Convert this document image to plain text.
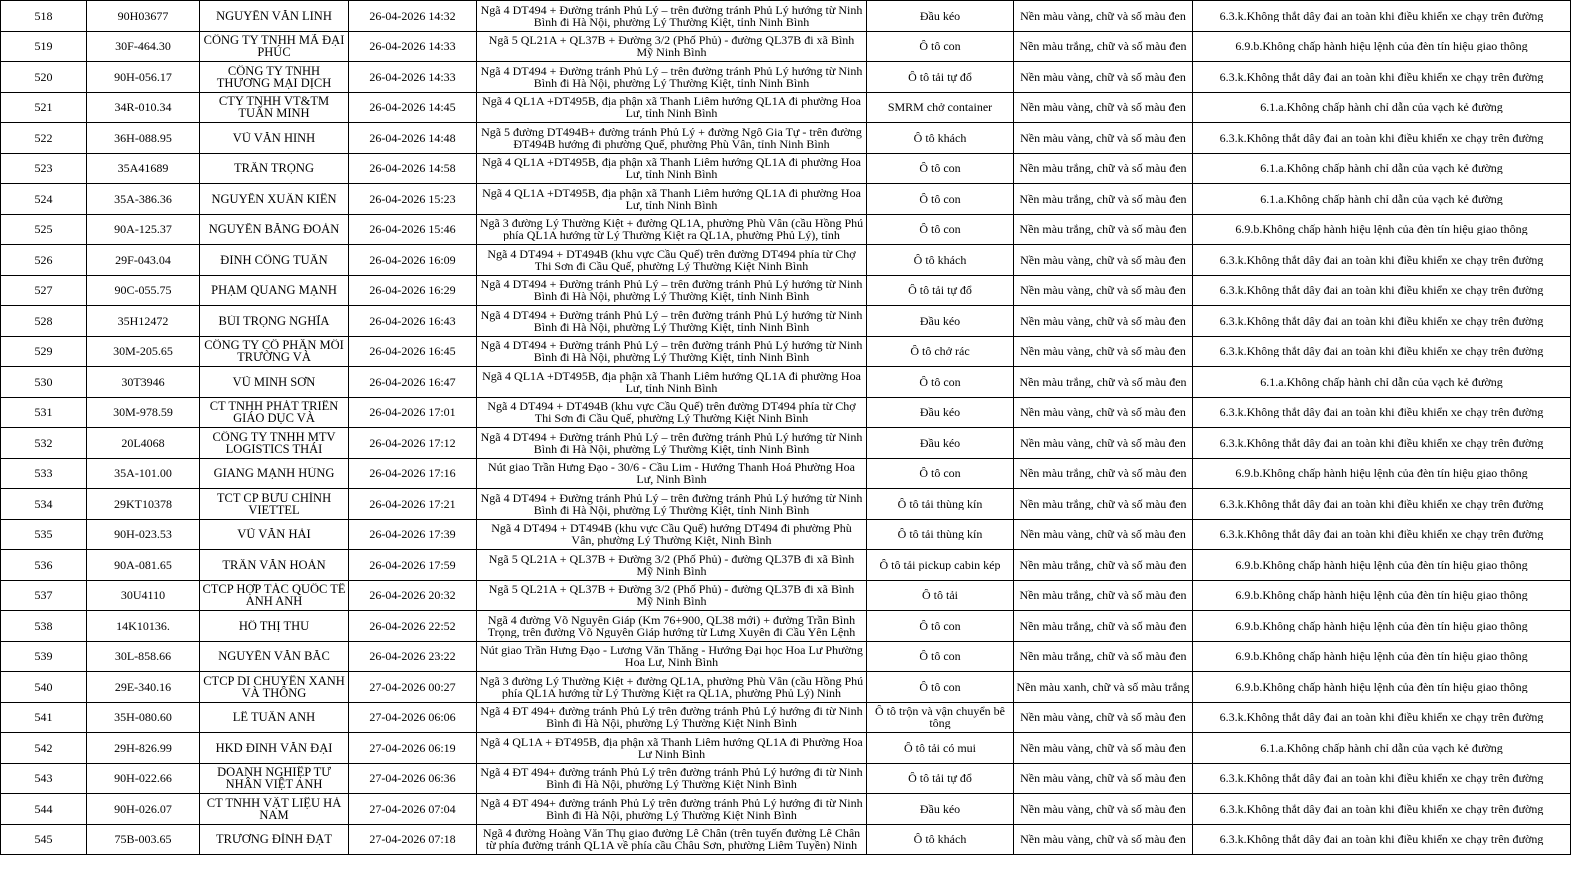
518	90H03677	NGUYỄN VĂN LINH	26-04-2026 14:32	Ngã 4 DT494 + Đường tránh Phủ Lý – trên đường tránh Phủ Lý hướng từ Ninh Bình đi Hà Nội, phường Lý Thường Kiệt, tỉnh Ninh Bình	Đầu kéo	Nền màu vàng, chữ và số màu đen	6.3.k.Không thắt dây đai an toàn khi điều khiển xe chạy trên đường

519	30F-464.30	CÔNG TY TNHH MÃ ĐẠI PHÚC	26-04-2026 14:33	Ngã 5 QL21A + QL37B + Đường 3/2 (Phố Phủ) - đường QL37B đi xã Bình Mỹ Ninh Bình	Ô tô con	Nền màu trắng, chữ và số màu đen	6.9.b.Không chấp hành hiệu lệnh của đèn tín hiệu giao thông

520	90H-056.17	CÔNG TY TNHH THƯƠNG MẠI DỊCH	26-04-2026 14:33	Ngã 4 DT494 + Đường tránh Phủ Lý – trên đường tránh Phủ Lý hướng từ Ninh Bình đi Hà Nội, phường Lý Thường Kiệt, tỉnh Ninh Bình	Ô tô tải tự đổ	Nền màu vàng, chữ và số màu đen	6.3.k.Không thắt dây đai an toàn khi điều khiển xe chạy trên đường

521	34R-010.34	CTY TNHH VT&TM TUẤN MINH	26-04-2026 14:45	Ngã 4 QL1A +DT495B, địa phận xã Thanh Liêm hướng QL1A đi phường Hoa Lư, tỉnh Ninh Bình	SMRM chở container	Nền màu vàng, chữ và số màu đen	6.1.a.Không chấp hành chỉ dẫn của vạch kẻ đường

522	36H-088.95	VŨ VĂN HINH	26-04-2026 14:48	Ngã 5 đường DT494B+ đường tránh Phủ Lý + đường Ngô Gia Tự - trên đường ĐT494B hướng đi phường Quế, phường Phù Vân, tỉnh Ninh Bình	Ô tô khách	Nền màu vàng, chữ và số màu đen	6.3.k.Không thắt dây đai an toàn khi điều khiển xe chạy trên đường

523	35A41689	TRẦN TRỌNG	26-04-2026 14:58	Ngã 4 QL1A +DT495B, địa phận xã Thanh Liêm hướng QL1A đi phường Hoa Lư, tỉnh Ninh Bình	Ô tô con	Nền màu trắng, chữ và số màu đen	6.1.a.Không chấp hành chỉ dẫn của vạch kẻ đường

524	35A-386.36	NGUYỄN XUÂN KIÊN	26-04-2026 15:23	Ngã 4 QL1A +DT495B, địa phận xã Thanh Liêm hướng QL1A đi phường Hoa Lư, tỉnh Ninh Bình	Ô tô con	Nền màu trắng, chữ và số màu đen	6.1.a.Không chấp hành chỉ dẫn của vạch kẻ đường

525	90A-125.37	NGUYỄN BẰNG ĐOÀN	26-04-2026 15:46	Ngã 3 đường Lý Thường Kiệt + đường QL1A, phường Phù Vân (cầu Hồng Phú phía QL1A hướng từ Lý Thường Kiệt ra QL1A, phường Phủ Lý), tỉnh	Ô tô con	Nền màu trắng, chữ và số màu đen	6.9.b.Không chấp hành hiệu lệnh của đèn tín hiệu giao thông

526	29F-043.04	ĐINH CÔNG TUẤN	26-04-2026 16:09	Ngã 4 DT494 + DT494B (khu vực Cầu Quế) trên đường DT494 phía từ Chợ Thi Sơn đi Cầu Quế, phường Lý Thường Kiệt Ninh Bình	Ô tô khách	Nền màu vàng, chữ và số màu đen	6.3.k.Không thắt dây đai an toàn khi điều khiển xe chạy trên đường

527	90C-055.75	PHẠM QUANG MẠNH	26-04-2026 16:29	Ngã 4 DT494 + Đường tránh Phủ Lý – trên đường tránh Phủ Lý hướng từ Ninh Bình đi Hà Nội, phường Lý Thường Kiệt, tỉnh Ninh Bình	Ô tô tải tự đổ	Nền màu vàng, chữ và số màu đen	6.3.k.Không thắt dây đai an toàn khi điều khiển xe chạy trên đường

528	35H12472	BÙI TRỌNG NGHĨA	26-04-2026 16:43	Ngã 4 DT494 + Đường tránh Phủ Lý – trên đường tránh Phủ Lý hướng từ Ninh Bình đi Hà Nội, phường Lý Thường Kiệt, tỉnh Ninh Bình	Đầu kéo	Nền màu vàng, chữ và số màu đen	6.3.k.Không thắt dây đai an toàn khi điều khiển xe chạy trên đường

529	30M-205.65	CÔNG TY CỔ PHẦN MÔI TRƯỜNG VÀ	26-04-2026 16:45	Ngã 4 DT494 + Đường tránh Phủ Lý – trên đường tránh Phủ Lý hướng từ Ninh Bình đi Hà Nội, phường Lý Thường Kiệt, tỉnh Ninh Bình	Ô tô chở rác	Nền màu vàng, chữ và số màu đen	6.3.k.Không thắt dây đai an toàn khi điều khiển xe chạy trên đường

530	30T3946	VŨ MINH SƠN	26-04-2026 16:47	Ngã 4 QL1A +DT495B, địa phận xã Thanh Liêm hướng QL1A đi phường Hoa Lư, tỉnh Ninh Bình	Ô tô con	Nền màu trắng, chữ và số màu đen	6.1.a.Không chấp hành chỉ dẫn của vạch kẻ đường

531	30M-978.59	CT TNHH PHÁT TRIỂN GIÁO DỤC VÀ	26-04-2026 17:01	Ngã 4 DT494 + DT494B (khu vực Cầu Quế) trên đường DT494 phía từ Chợ Thi Sơn đi Cầu Quế, phường Lý Thường Kiệt Ninh Bình	Đầu kéo	Nền màu vàng, chữ và số màu đen	6.3.k.Không thắt dây đai an toàn khi điều khiển xe chạy trên đường

532	20L4068	CÔNG TY TNHH MTV LOGISTICS THÁI	26-04-2026 17:12	Ngã 4 DT494 + Đường tránh Phủ Lý – trên đường tránh Phủ Lý hướng từ Ninh Bình đi Hà Nội, phường Lý Thường Kiệt, tỉnh Ninh Bình	Đầu kéo	Nền màu vàng, chữ và số màu đen	6.3.k.Không thắt dây đai an toàn khi điều khiển xe chạy trên đường

533	35A-101.00	GIANG MẠNH HÙNG	26-04-2026 17:16	Nút giao Trần Hưng Đạo - 30/6 - Cầu Lim - Hướng Thanh Hoá Phường Hoa Lư, Ninh Bình	Ô tô con	Nền màu trắng, chữ và số màu đen	6.9.b.Không chấp hành hiệu lệnh của đèn tín hiệu giao thông

534	29KT10378	TCT CP BƯU CHÍNH VIETTEL	26-04-2026 17:21	Ngã 4 DT494 + Đường tránh Phủ Lý – trên đường tránh Phủ Lý hướng từ Ninh Bình đi Hà Nội, phường Lý Thường Kiệt, tỉnh Ninh Bình	Ô tô tải thùng kín	Nền màu trắng, chữ và số màu đen	6.3.k.Không thắt dây đai an toàn khi điều khiển xe chạy trên đường

535	90H-023.53	VŨ VĂN HẢI	26-04-2026 17:39	Ngã 4 DT494 + DT494B (khu vực Cầu Quế) hướng DT494 đi phường Phù Vân, phường Lý Thường Kiệt, Ninh Bình	Ô tô tải thùng kín	Nền màu vàng, chữ và số màu đen	6.3.k.Không thắt dây đai an toàn khi điều khiển xe chạy trên đường

536	90A-081.65	TRẦN VĂN HOÀN	26-04-2026 17:59	Ngã 5 QL21A + QL37B + Đường 3/2 (Phố Phủ) - đường QL37B đi xã Bình Mỹ Ninh Bình	Ô tô tải pickup cabin kép	Nền màu trắng, chữ và số màu đen	6.9.b.Không chấp hành hiệu lệnh của đèn tín hiệu giao thông

537	30U4110	CTCP HỢP TÁC QUỐC TẾ ANH ANH	26-04-2026 20:32	Ngã 5 QL21A + QL37B + Đường 3/2 (Phố Phủ) - đường QL37B đi xã Bình Mỹ Ninh Bình	Ô tô tải	Nền màu trắng, chữ và số màu đen	6.9.b.Không chấp hành hiệu lệnh của đèn tín hiệu giao thông

538	14K10136.	HỒ THỊ THU	26-04-2026 22:52	Ngã 4 đường Võ Nguyên Giáp (Km 76+900, QL38 mới) + đường Trần Bình Trọng, trên đường Võ Nguyên Giáp hướng từ Lưng Xuyên đi Cầu Yên Lệnh	Ô tô con	Nền màu trắng, chữ và số màu đen	6.9.b.Không chấp hành hiệu lệnh của đèn tín hiệu giao thông

539	30L-858.66	NGUYỄN VĂN BẮC	26-04-2026 23:22	Nút giao Trần Hưng Đạo - Lương Văn Thăng - Hướng Đại học Hoa Lư Phường Hoa Lư, Ninh Bình	Ô tô con	Nền màu trắng, chữ và số màu đen	6.9.b.Không chấp hành hiệu lệnh của đèn tín hiệu giao thông

540	29E-340.16	CTCP DI CHUYỂN XANH VÀ THÔNG	27-04-2026 00:27	Ngã 3 đường Lý Thường Kiệt + đường QL1A, phường Phù Vân (cầu Hồng Phú phía QL1A hướng từ Lý Thường Kiệt ra QL1A, phường Phủ Lý) Ninh	Ô tô con	Nền màu xanh, chữ và số màu trắng	6.9.b.Không chấp hành hiệu lệnh của đèn tín hiệu giao thông

541	35H-080.60	LÊ TUẤN ANH	27-04-2026 06:06	Ngã 4 ĐT 494+ đường tránh Phủ Lý trên đường tránh Phủ Lý hướng đi từ Ninh Bình đi Hà Nội, phường Lý Thường Kiệt Ninh Bình	Ô tô trộn và vận chuyển bê tông	Nền màu vàng, chữ và số màu đen	6.3.k.Không thắt dây đai an toàn khi điều khiển xe chạy trên đường

542	29H-826.99	HKD ĐINH VĂN ĐẠI	27-04-2026 06:19	Ngã 4 QL1A + ĐT495B, địa phận xã Thanh Liêm hướng QL1A đi Phường Hoa Lư Ninh Bình	Ô tô tải có mui	Nền màu vàng, chữ và số màu đen	6.1.a.Không chấp hành chỉ dẫn của vạch kẻ đường

543	90H-022.66	DOANH NGHIỆP TƯ NHÂN VIỆT ANH	27-04-2026 06:36	Ngã 4 ĐT 494+ đường tránh Phủ Lý trên đường tránh Phủ Lý hướng đi từ Ninh Bình đi Hà Nội, phường Lý Thường Kiệt Ninh Bình	Ô tô tải tự đổ	Nền màu vàng, chữ và số màu đen	6.3.k.Không thắt dây đai an toàn khi điều khiển xe chạy trên đường

544	90H-026.07	CT TNHH VẬT LIỆU HÀ NAM	27-04-2026 07:04	Ngã 4 ĐT 494+ đường tránh Phủ Lý trên đường tránh Phủ Lý hướng đi từ Ninh Bình đi Hà Nội, phường Lý Thường Kiệt Ninh Bình	Đầu kéo	Nền màu vàng, chữ và số màu đen	6.3.k.Không thắt dây đai an toàn khi điều khiển xe chạy trên đường

545	75B-003.65	TRƯƠNG ĐÌNH ĐẠT	27-04-2026 07:18	Ngã 4 đường Hoàng Văn Thụ giao đường Lê Chân (trên tuyến đường Lê Chân từ phía đường tránh QL1A về phía cầu Châu Sơn, phường Liêm Tuyền) Ninh	Ô tô khách	Nền màu vàng, chữ và số màu đen	6.3.k.Không thắt dây đai an toàn khi điều khiển xe chạy trên đường
